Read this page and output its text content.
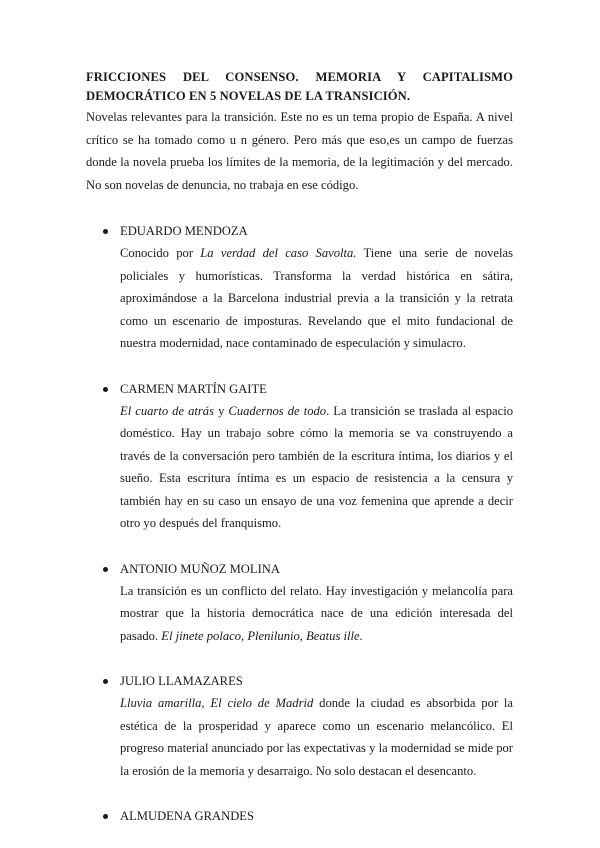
FRICCIONES DEL CONSENSO. MEMORIA Y CAPITALISMO DEMOCRÁTICO EN 5 NOVELAS DE LA TRANSICIÓN.

Novelas relevantes para la transición. Este no es un tema propio de España. A nivel crítico se ha tomado como u n género. Pero más que eso,es un campo de fuerzas donde la novela prueba los límites de la memoria, de la legitimación y del mercado. No son novelas de denuncia, no trabaja en ese código.

EDUARDO MENDOZA

Conocido por La verdad del caso Savolta. Tiene una serie de novelas policiales y humorísticas. Transforma la verdad histórica en sátira, aproximándose a la Barcelona industrial previa a la transición y la retrata como un escenario de imposturas. Revelando que el mito fundacional de nuestra modernidad, nace contaminado de especulación y simulacro.

CARMEN MARTÍN GAITE

El cuarto de atrás y Cuadernos de todo. La transición se traslada al espacio doméstico. Hay un trabajo sobre cómo la memoria se va construyendo a través de la conversación pero también de la escritura íntima, los diarios y el sueño. Esta escritura íntima es un espacio de resistencia a la censura y también hay en su caso un ensayo de una voz femenina que aprende a decir otro yo después del franquismo.

ANTONIO MUÑOZ MOLINA

La transición es un conflicto del relato. Hay investigación y melancolía para mostrar que la historia democrática nace de una edición interesada del pasado. El jinete polaco, Plenilunio, Beatus ille.

JULIO LLAMAZARES

Lluvia amarilla, El cielo de Madrid donde la ciudad es absorbida por la estética de la prosperidad y aparece como un escenario melancólico. El progreso material anunciado por las expectativas y la modernidad se mide por la erosión de la memoria y desarraigo. No solo destacan el desencanto.

ALMUDENA GRANDES
